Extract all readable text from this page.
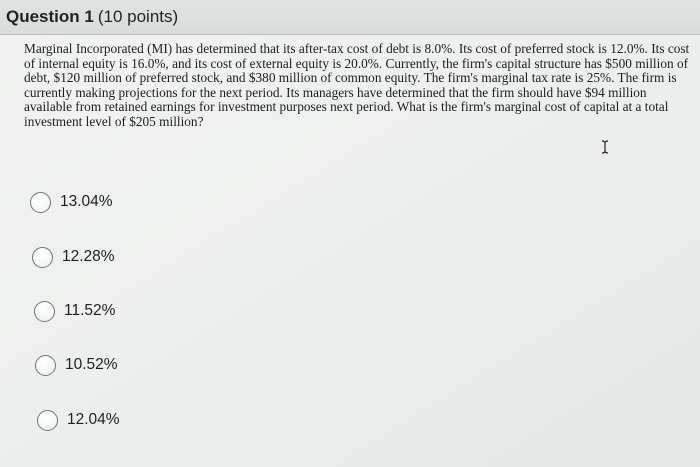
Question 1 (10 points)

Marginal Incorporated (MI) has determined that its after-tax cost of debt is 8.0%. Its cost of preferred stock is 12.0%. Its cost of internal equity is 16.0%, and its cost of external equity is 20.0%. Currently, the firm's capital structure has $500 million of debt, $120 million of preferred stock, and $380 million of common equity. The firm's marginal tax rate is 25%. The firm is currently making projections for the next period. Its managers have determined that the firm should have $94 million available from retained earnings for investment purposes next period. What is the firm's marginal cost of capital at a total investment level of $205 million?

13.04%
12.28%
11.52%
10.52%
12.04%
